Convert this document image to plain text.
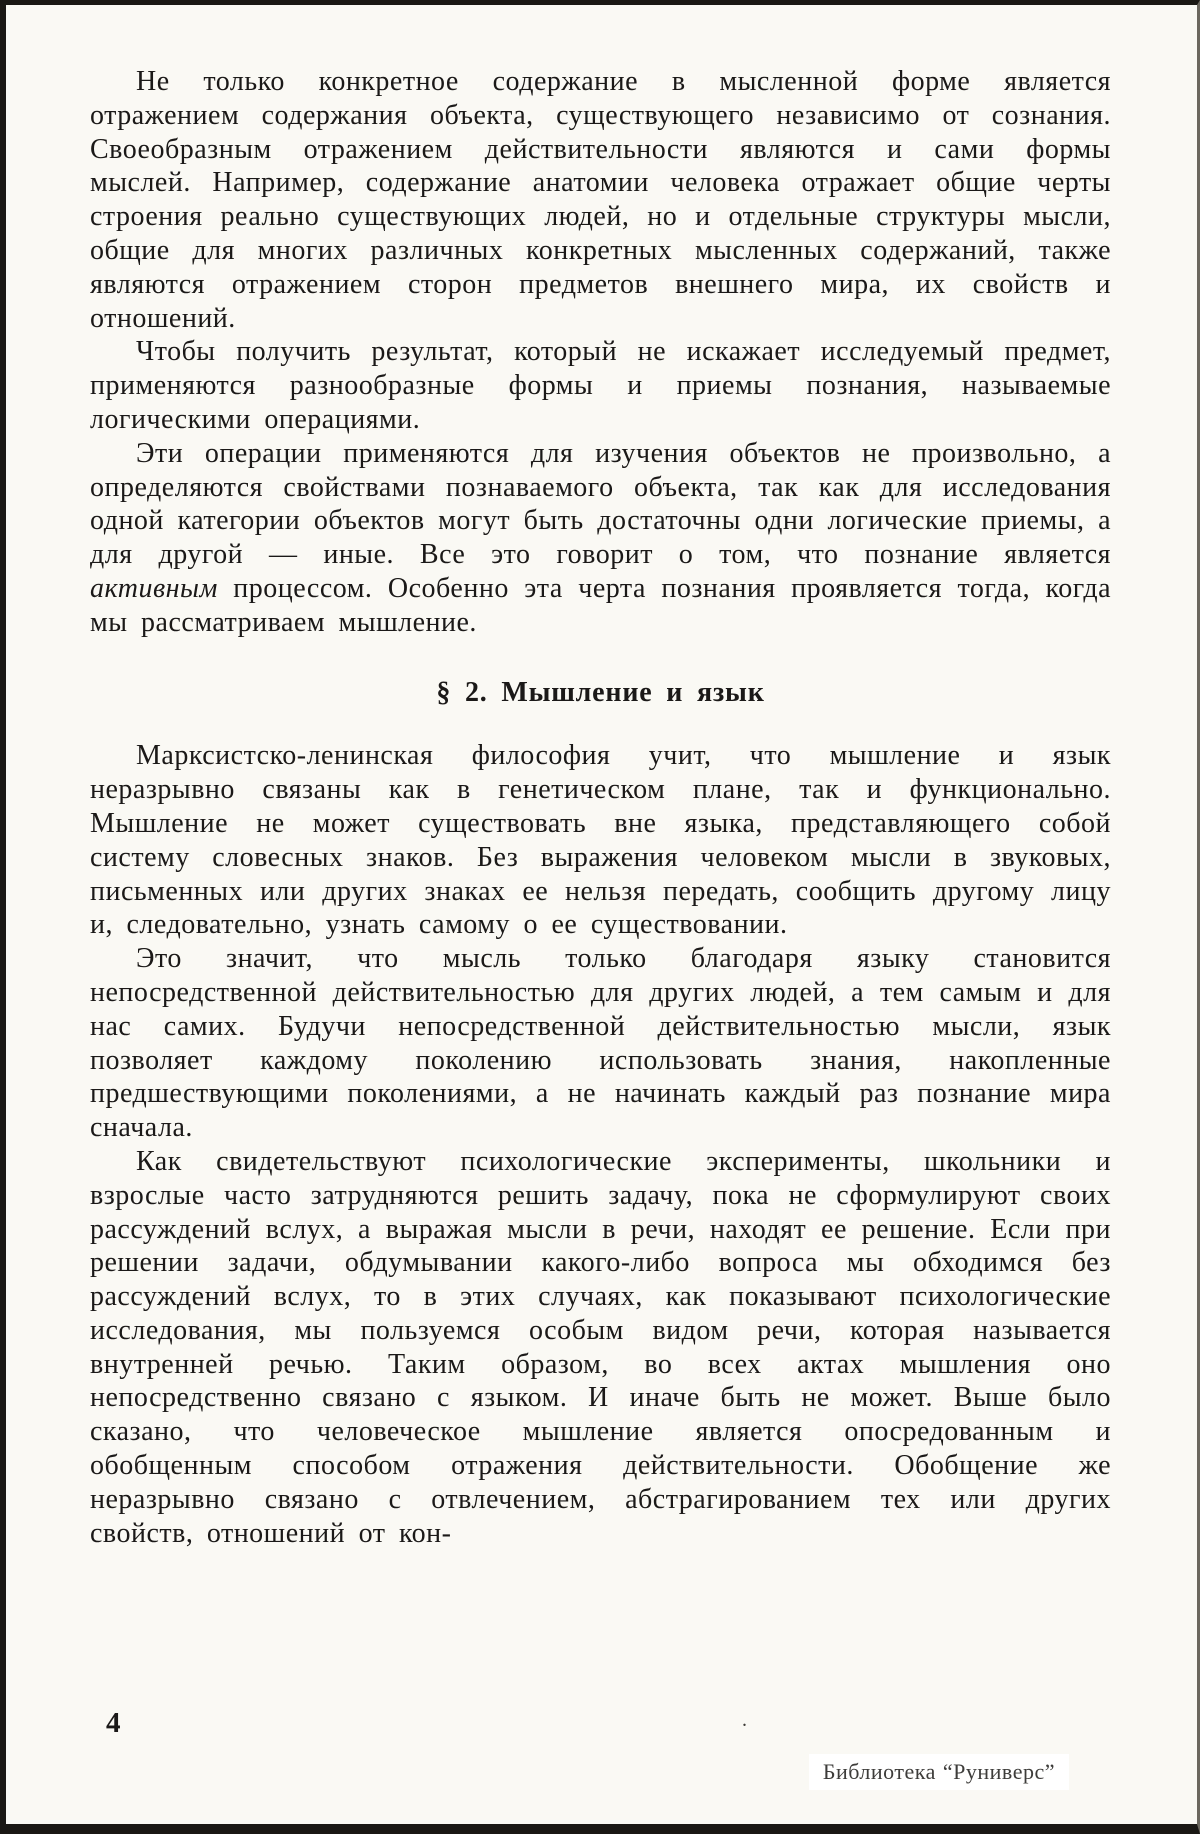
Не только конкретное содержание в мысленной форме является отражением содержания объекта, существующего независимо от сознания. Своеобразным отражением действительности являются и сами формы мыслей. Например, содержание анатомии человека отражает общие черты строения реально существующих людей, но и отдельные структуры мысли, общие для многих различных конкретных мысленных содержаний, также являются отражением сторон предметов внешнего мира, их свойств и отношений.

Чтобы получить результат, который не искажает исследуемый предмет, применяются разнообразные формы и приемы познания, называемые логическими операциями.

Эти операции применяются для изучения объектов не произвольно, а определяются свойствами познаваемого объекта, так как для исследования одной категории объектов могут быть достаточны одни логические приемы, а для другой — иные. Все это говорит о том, что познание является активным процессом. Особенно эта черта познания проявляется тогда, когда мы рассматриваем мышление.

§ 2. Мышление и язык

Марксистско-ленинская философия учит, что мышление и язык неразрывно связаны как в генетическом плане, так и функционально. Мышление не может существовать вне языка, представляющего собой систему словесных знаков. Без выражения человеком мысли в звуковых, письменных или других знаках ее нельзя передать, сообщить другому лицу и, следовательно, узнать самому о ее существовании.

Это значит, что мысль только благодаря языку становится непосредственной действительностью для других людей, а тем самым и для нас самих. Будучи непосредственной действительностью мысли, язык позволяет каждому поколению использовать знания, накопленные предшествующими поколениями, а не начинать каждый раз познание мира сначала.

Как свидетельствуют психологические эксперименты, школьники и взрослые часто затрудняются решить задачу, пока не сформулируют своих рассуждений вслух, а выражая мысли в речи, находят ее решение. Если при решении задачи, обдумывании какого-либо вопроса мы обходимся без рассуждений вслух, то в этих случаях, как показывают психологические исследования, мы пользуемся особым видом речи, которая называется внутренней речью. Таким образом, во всех актах мышления оно непосредственно связано с языком. И иначе быть не может. Выше было сказано, что человеческое мышление является опосредованным и обобщенным способом отражения действительности. Обобщение же неразрывно связано с отвлечением, абстрагированием тех или других свойств, отношений от кон-

4	.
Библиотека “Руниверс”
